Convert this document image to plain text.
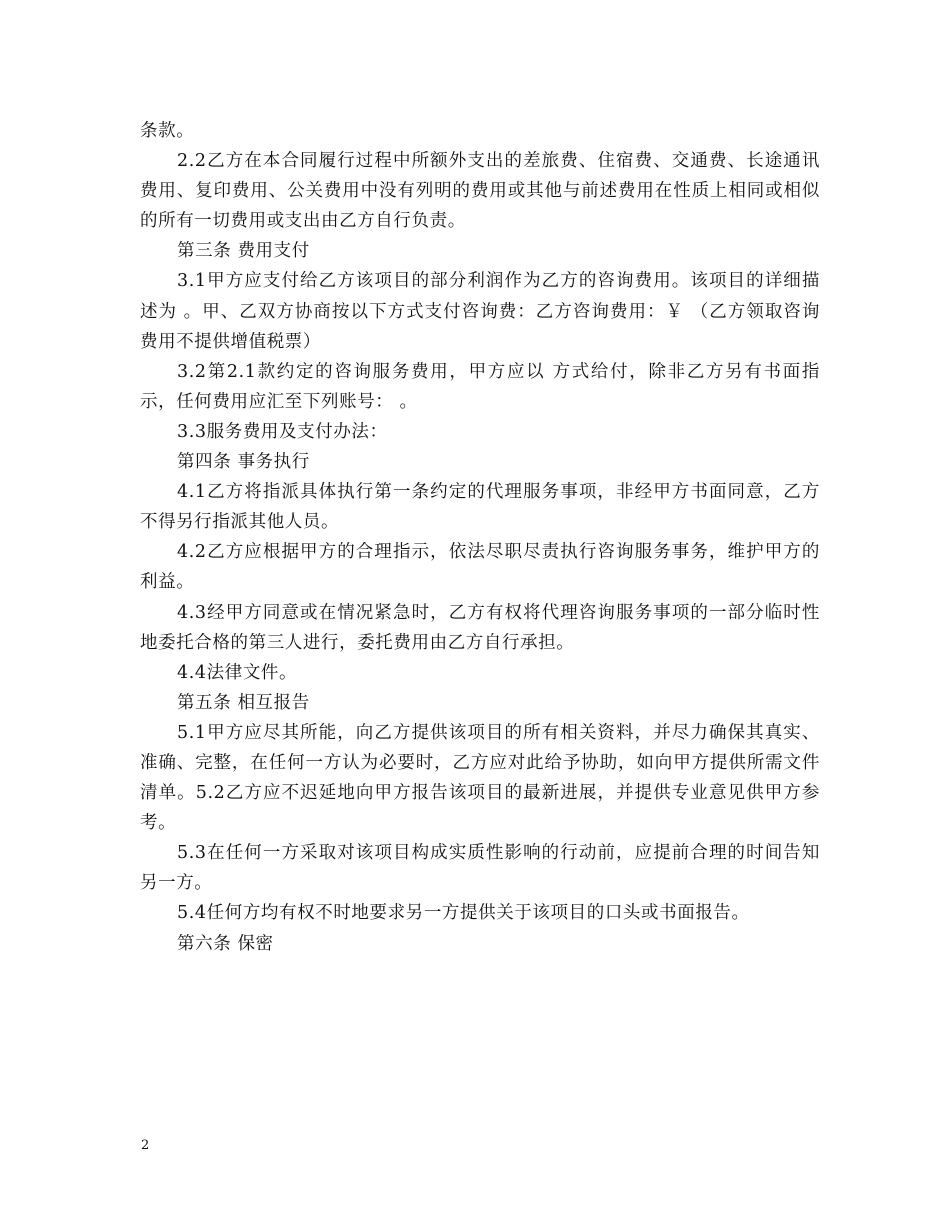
条款。

2.2乙方在本合同履行过程中所额外支出的差旅费、住宿费、交通费、长途通讯费用、复印费用、公关费用中没有列明的费用或其他与前述费用在性质上相同或相似的所有一切费用或支出由乙方自行负责。

第三条 费用支付

3.1甲方应支付给乙方该项目的部分利润作为乙方的咨询费用。该项目的详细描述为 。甲、乙双方协商按以下方式支付咨询费：乙方咨询费用：￥ （乙方领取咨询费用不提供增值税票）

3.2第2.1款约定的咨询服务费用，甲方应以 方式给付，除非乙方另有书面指示，任何费用应汇至下列账号： 。

3.3服务费用及支付办法：

第四条 事务执行

4.1乙方将指派具体执行第一条约定的代理服务事项，非经甲方书面同意，乙方不得另行指派其他人员。

4.2乙方应根据甲方的合理指示，依法尽职尽责执行咨询服务事务，维护甲方的利益。

4.3经甲方同意或在情况紧急时，乙方有权将代理咨询服务事项的一部分临时性地委托合格的第三人进行，委托费用由乙方自行承担。

4.4法律文件。

第五条 相互报告

5.1甲方应尽其所能，向乙方提供该项目的所有相关资料，并尽力确保其真实、准确、完整，在任何一方认为必要时，乙方应对此给予协助，如向甲方提供所需文件清单。5.2乙方应不迟延地向甲方报告该项目的最新进展，并提供专业意见供甲方参考。

5.3在任何一方采取对该项目构成实质性影响的行动前，应提前合理的时间告知另一方。

5.4任何方均有权不时地要求另一方提供关于该项目的口头或书面报告。

第六条 保密

2
